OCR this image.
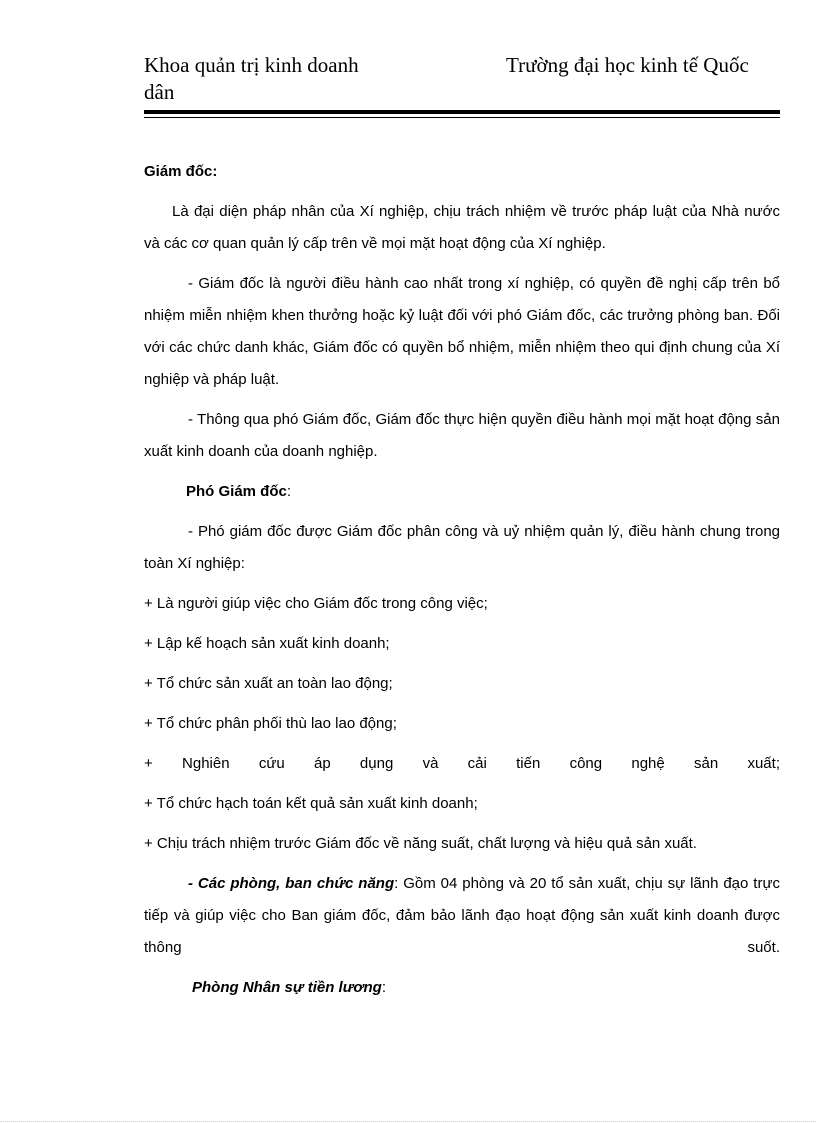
Khoa quản trị kinh doanh	Trường đại học kinh tế Quốc
dân

Giám đốc:

Là đại diện pháp nhân của Xí nghiệp, chịu trách nhiệm về trước pháp luật của Nhà nước và các cơ quan quản lý cấp trên về mọi mặt hoạt động của Xí nghiệp.

- Giám đốc là người điều hành cao nhất trong xí nghiệp, có quyền đề nghị cấp trên bổ nhiệm miễn nhiệm khen thưởng hoặc kỷ luật đối với phó Giám đốc, các trưởng phòng ban. Đối với các chức danh khác, Giám đốc có quyền bổ nhiệm, miễn nhiệm theo qui định chung của Xí nghiệp và pháp luật.

- Thông qua phó Giám đốc, Giám đốc thực hiện quyền điều hành mọi mặt hoạt động sản xuất kinh doanh của doanh nghiệp.

Phó Giám đốc:

- Phó giám đốc được Giám đốc phân công và uỷ nhiệm quản lý, điều hành chung trong toàn Xí nghiệp:

+ Là người giúp việc cho Giám đốc trong công việc;

+ Lập kế hoạch sản xuất kinh doanh;

+ Tổ chức sản xuất an toàn lao động;

+ Tổ chức phân phối thù lao lao động;

+ Nghiên cứu áp dụng và cải tiến công nghệ sản xuất;

+ Tổ chức hạch toán kết quả sản xuất kinh doanh;

+ Chịu trách nhiệm trước Giám đốc về năng suất, chất lượng và hiệu quả sản xuất.

- Các phòng, ban chức năng: Gồm 04 phòng và 20 tổ sản xuất, chịu sự lãnh đạo trực tiếp và giúp việc cho Ban giám đốc, đảm bảo lãnh đạo hoạt động sản xuất kinh doanh được thông suốt.

Phòng Nhân sự tiền lương:
